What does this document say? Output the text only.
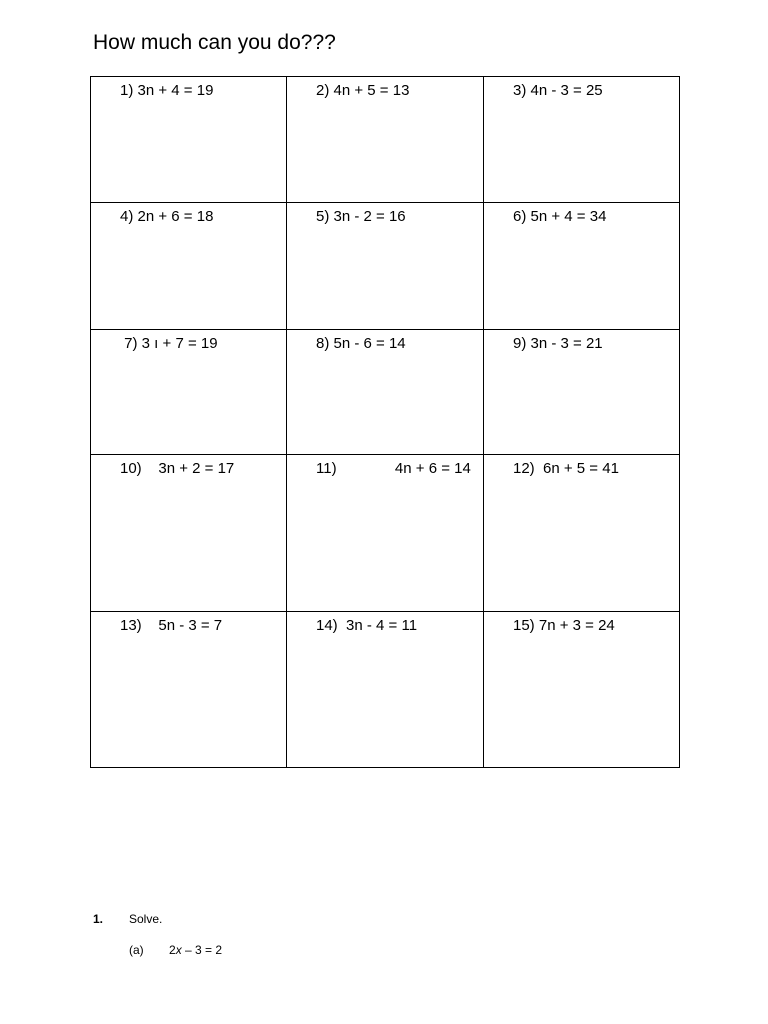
How much can you do???
1) 3n + 4 = 19	2) 4n + 5 = 13	3) 4n - 3 = 25

4) 2n + 6 = 18	5) 3n - 2 = 16	6) 5n + 4 = 34

7) 3 ı + 7 = 19	8) 5n - 6 = 14	9) 3n - 3 = 21

10)    3n + 2 = 17	11)              4n + 6 = 14	12)  6n + 5 = 41

13)    5n - 3 = 7	14)  3n - 4 = 11	15) 7n + 3 = 24
1. Solve.
(a) 2x – 3 = 2
